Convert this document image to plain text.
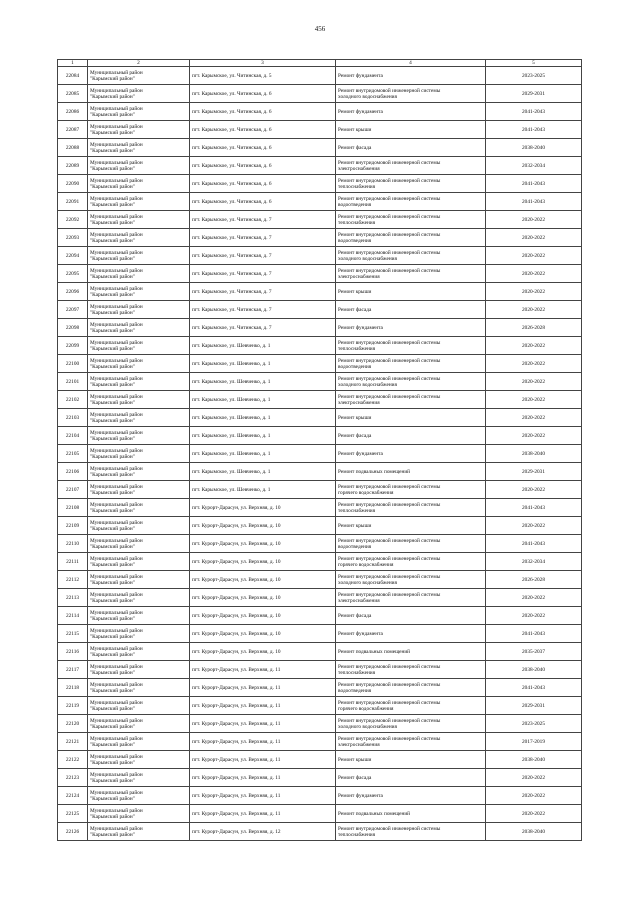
456
1	2	3	4	5
22084	Муниципальный район
"Карымский район"	пгт. Карымское, ул. Читинская, д. 5	Ремонт фундамента	2023-2025
22085	Муниципальный район
"Карымский район"	пгт. Карымское, ул. Читинская, д. 6	Ремонт внутридомовой инженерной системы
холодного водоснабжения	2029-2031
22086	Муниципальный район
"Карымский район"	пгт. Карымское, ул. Читинская, д. 6	Ремонт фундамента	2041-2043
22087	Муниципальный район
"Карымский район"	пгт. Карымское, ул. Читинская, д. 6	Ремонт крыши	2041-2043
22088	Муниципальный район
"Карымский район"	пгт. Карымское, ул. Читинская, д. 6	Ремонт фасада	2038-2040
22089	Муниципальный район
"Карымский район"	пгт. Карымское, ул. Читинская, д. 6	Ремонт внутридомовой инженерной системы
электроснабжения	2032-2034
22090	Муниципальный район
"Карымский район"	пгт. Карымское, ул. Читинская, д. 6	Ремонт внутридомовой инженерной системы
теплоснабжения	2041-2043
22091	Муниципальный район
"Карымский район"	пгт. Карымское, ул. Читинская, д. 6	Ремонт внутридомовой инженерной системы
водоотведения	2041-2043
22092	Муниципальный район
"Карымский район"	пгт. Карымское, ул. Читинская, д. 7	Ремонт внутридомовой инженерной системы
теплоснабжения	2020-2022
22093	Муниципальный район
"Карымский район"	пгт. Карымское, ул. Читинская, д. 7	Ремонт внутридомовой инженерной системы
водоотведения	2020-2022
22094	Муниципальный район
"Карымский район"	пгт. Карымское, ул. Читинская, д. 7	Ремонт внутридомовой инженерной системы
холодного водоснабжения	2020-2022
22095	Муниципальный район
"Карымский район"	пгт. Карымское, ул. Читинская, д. 7	Ремонт внутридомовой инженерной системы
электроснабжения	2020-2022
22096	Муниципальный район
"Карымский район"	пгт. Карымское, ул. Читинская, д. 7	Ремонт крыши	2020-2022
22097	Муниципальный район
"Карымский район"	пгт. Карымское, ул. Читинская, д. 7	Ремонт фасада	2020-2022
22098	Муниципальный район
"Карымский район"	пгт. Карымское, ул. Читинская, д. 7	Ремонт фундамента	2026-2028
22099	Муниципальный район
"Карымский район"	пгт. Карымское, ул. Шевченко, д. 1	Ремонт внутридомовой инженерной системы
теплоснабжения	2020-2022
22100	Муниципальный район
"Карымский район"	пгт. Карымское, ул. Шевченко, д. 1	Ремонт внутридомовой инженерной системы
водоотведения	2020-2022
22101	Муниципальный район
"Карымский район"	пгт. Карымское, ул. Шевченко, д. 1	Ремонт внутридомовой инженерной системы
холодного водоснабжения	2020-2022
22102	Муниципальный район
"Карымский район"	пгт. Карымское, ул. Шевченко, д. 1	Ремонт внутридомовой инженерной системы
электроснабжения	2020-2022
22103	Муниципальный район
"Карымский район"	пгт. Карымское, ул. Шевченко, д. 1	Ремонт крыши	2020-2022
22104	Муниципальный район
"Карымский район"	пгт. Карымское, ул. Шевченко, д. 1	Ремонт фасада	2020-2022
22105	Муниципальный район
"Карымский район"	пгт. Карымское, ул. Шевченко, д. 1	Ремонт фундамента	2038-2040
22106	Муниципальный район
"Карымский район"	пгт. Карымское, ул. Шевченко, д. 1	Ремонт подвальных помещений	2029-2031
22107	Муниципальный район
"Карымский район"	пгт. Карымское, ул. Шевченко, д. 1	Ремонт внутридомовой инженерной системы
горячего водоснабжения	2020-2022
22108	Муниципальный район
"Карымский район"	пгт. Курорт-Дарасун, ул. Верхняя, д. 10	Ремонт внутридомовой инженерной системы
теплоснабжения	2041-2043
22109	Муниципальный район
"Карымский район"	пгт. Курорт-Дарасун, ул. Верхняя, д. 10	Ремонт крыши	2020-2022
22110	Муниципальный район
"Карымский район"	пгт. Курорт-Дарасун, ул. Верхняя, д. 10	Ремонт внутридомовой инженерной системы
водоотведения	2041-2043
22111	Муниципальный район
"Карымский район"	пгт. Курорт-Дарасун, ул. Верхняя, д. 10	Ремонт внутридомовой инженерной системы
горячего водоснабжения	2032-2034
22112	Муниципальный район
"Карымский район"	пгт. Курорт-Дарасун, ул. Верхняя, д. 10	Ремонт внутридомовой инженерной системы
холодного водоснабжения	2026-2028
22113	Муниципальный район
"Карымский район"	пгт. Курорт-Дарасун, ул. Верхняя, д. 10	Ремонт внутридомовой инженерной системы
электроснабжения	2020-2022
22114	Муниципальный район
"Карымский район"	пгт. Курорт-Дарасун, ул. Верхняя, д. 10	Ремонт фасада	2020-2022
22115	Муниципальный район
"Карымский район"	пгт. Курорт-Дарасун, ул. Верхняя, д. 10	Ремонт фундамента	2041-2043
22116	Муниципальный район
"Карымский район"	пгт. Курорт-Дарасун, ул. Верхняя, д. 10	Ремонт подвальных помещений	2035-2037
22117	Муниципальный район
"Карымский район"	пгт. Курорт-Дарасун, ул. Верхняя, д. 11	Ремонт внутридомовой инженерной системы
теплоснабжения	2038-2040
22118	Муниципальный район
"Карымский район"	пгт. Курорт-Дарасун, ул. Верхняя, д. 11	Ремонт внутридомовой инженерной системы
водоотведения	2041-2043
22119	Муниципальный район
"Карымский район"	пгт. Курорт-Дарасун, ул. Верхняя, д. 11	Ремонт внутридомовой инженерной системы
горячего водоснабжения	2029-2031
22120	Муниципальный район
"Карымский район"	пгт. Курорт-Дарасун, ул. Верхняя, д. 11	Ремонт внутридомовой инженерной системы
холодного водоснабжения	2023-2025
22121	Муниципальный район
"Карымский район"	пгт. Курорт-Дарасун, ул. Верхняя, д. 11	Ремонт внутридомовой инженерной системы
электроснабжения	2017-2019
22122	Муниципальный район
"Карымский район"	пгт. Курорт-Дарасун, ул. Верхняя, д. 11	Ремонт крыши	2038-2040
22123	Муниципальный район
"Карымский район"	пгт. Курорт-Дарасун, ул. Верхняя, д. 11	Ремонт фасада	2020-2022
22124	Муниципальный район
"Карымский район"	пгт. Курорт-Дарасун, ул. Верхняя, д. 11	Ремонт фундамента	2020-2022
22125	Муниципальный район
"Карымский район"	пгт. Курорт-Дарасун, ул. Верхняя, д. 11	Ремонт подвальных помещений	2020-2022
22126	Муниципальный район
"Карымский район"	пгт. Курорт-Дарасун, ул. Верхняя, д. 12	Ремонт внутридомовой инженерной системы
теплоснабжения	2038-2040
